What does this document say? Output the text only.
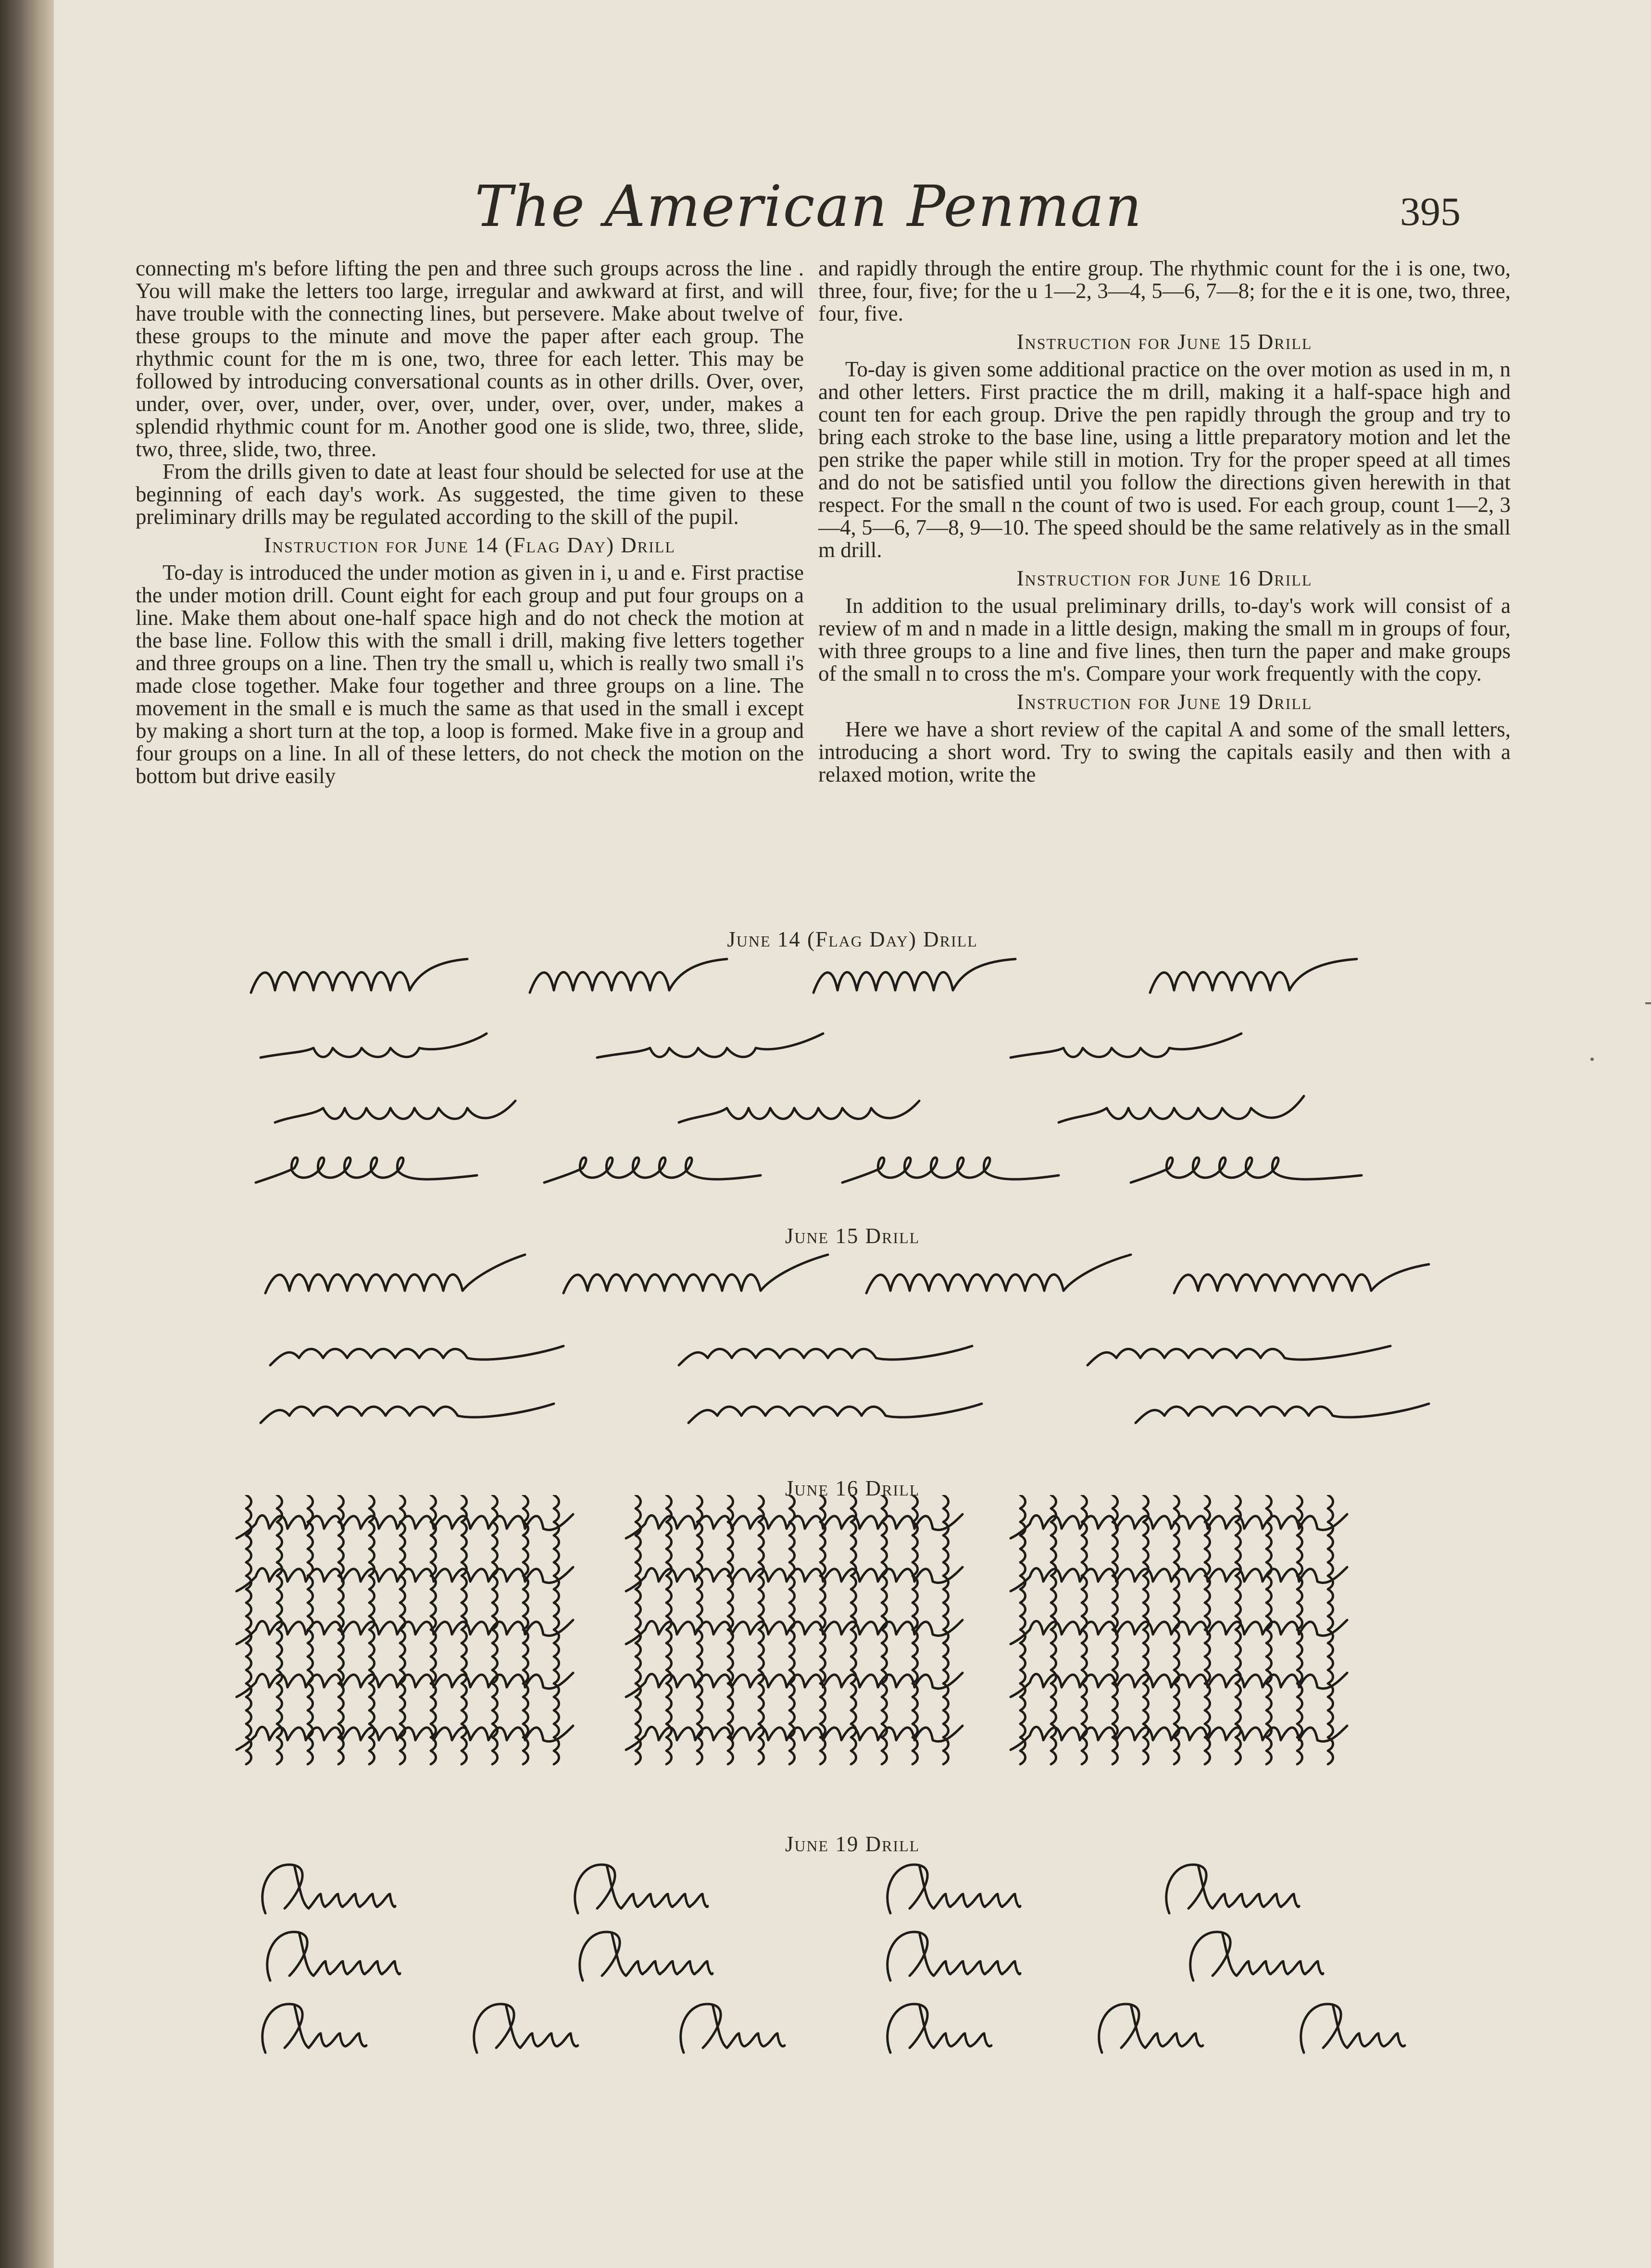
The American Penman	395

connecting m's before lifting the pen and three such groups across the line . You will make the letters too large, irregular and awkward at first, and will have trouble with the connecting lines, but persevere. Make about twelve of these groups to the minute and move the paper after each group. The rhythmic count for the m is one, two, three for each letter. This may be followed by introducing conversational counts as in other drills. Over, over, under, over, over, under, over, over, under, over, over, under, makes a splendid rhythmic count for m. Another good one is slide, two, three, slide, two, three, slide, two, three.

From the drills given to date at least four should be selected for use at the beginning of each day's work. As suggested, the time given to these preliminary drills may be regulated according to the skill of the pupil.

Instruction for June 14 (Flag Day) Drill

To-day is introduced the under motion as given in i, u and e. First practise the under motion drill. Count eight for each group and put four groups on a line. Make them about one-half space high and do not check the motion at the base line. Follow this with the small i drill, making five letters together and three groups on a line. Then try the small u, which is really two small i's made close together. Make four together and three groups on a line. The movement in the small e is much the same as that used in the small i except by making a short turn at the top, a loop is formed. Make five in a group and four groups on a line. In all of these letters, do not check the motion on the bottom but drive easily

and rapidly through the entire group. The rhythmic count for the i is one, two, three, four, five; for the u 1—2, 3—4, 5—6, 7—8; for the e it is one, two, three, four, five.

Instruction for June 15 Drill

To-day is given some additional practice on the over motion as used in m, n and other letters. First practice the m drill, making it a half-space high and count ten for each group. Drive the pen rapidly through the group and try to bring each stroke to the base line, using a little preparatory motion and let the pen strike the paper while still in motion. Try for the proper speed at all times and do not be satisfied until you follow the directions given herewith in that respect. For the small n the count of two is used. For each group, count 1—2, 3—4, 5—6, 7—8, 9—10. The speed should be the same relatively as in the small m drill.

Instruction for June 16 Drill

In addition to the usual preliminary drills, to-day's work will consist of a review of m and n made in a little design, making the small m in groups of four, with three groups to a line and five lines, then turn the paper and make groups of the small n to cross the m's. Compare your work frequently with the copy.

Instruction for June 19 Drill

Here we have a short review of the capital A and some of the small letters, introducing a short word. Try to swing the capitals easily and then with a relaxed motion, write the

June 14 (Flag Day) Drill
June 15 Drill
June 16 Drill
June 19 Drill
